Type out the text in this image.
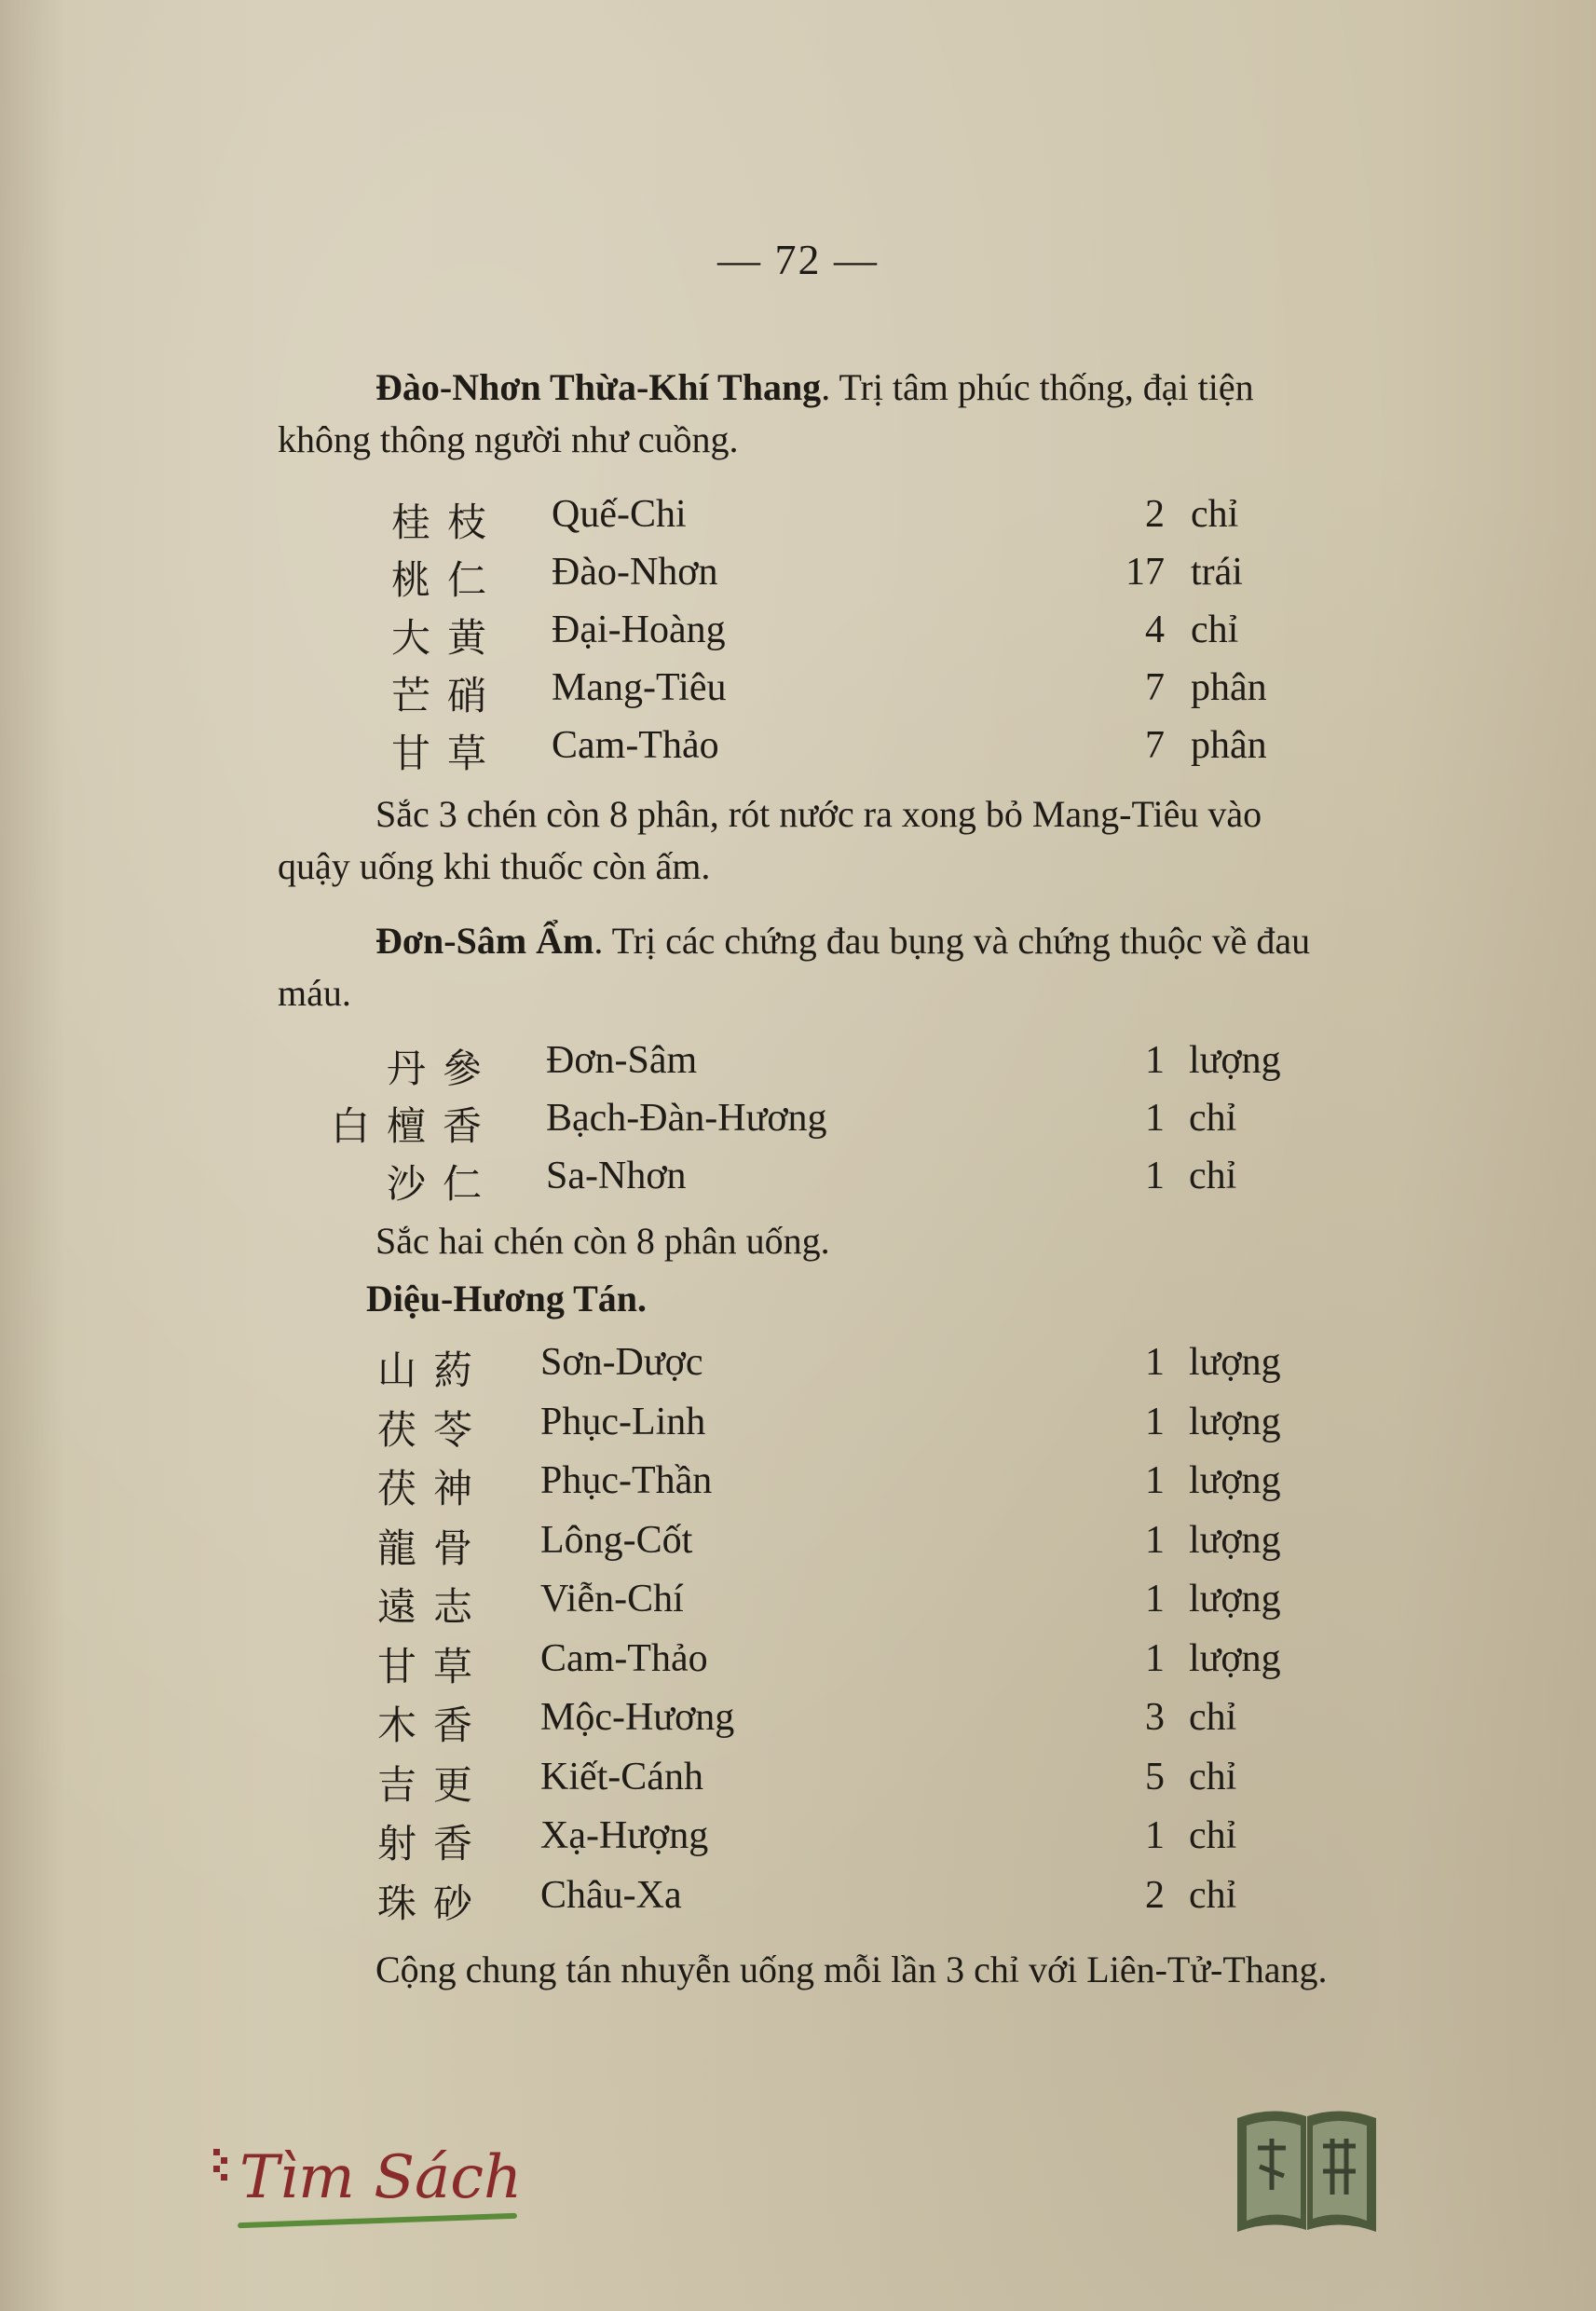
— 72 —
Đào-Nhơn Thừa-Khí Thang. Trị tâm phúc thống, đại tiện không thông người như cuồng.
桂枝 Quế-Chi	2 chỉ
桃仁 Đào-Nhơn	17 trái
大黄 Đại-Hoàng	4 chỉ
芒硝 Mang-Tiêu	7 phân
甘草 Cam-Thảo	7 phân
Sắc 3 chén còn 8 phân, rót nước ra xong bỏ Mang-Tiêu vào quậy uống khi thuốc còn ấm.
Đơn-Sâm Ẩm. Trị các chứng đau bụng và chứng thuộc về đau máu.
丹參 Đơn-Sâm	1 lượng
白檀香 Bạch-Đàn-Hương	1 chỉ
沙仁 Sa-Nhơn	1 chỉ
Sắc hai chén còn 8 phân uống.
Diệu-Hương Tán.
山葯 Sơn-Dược	1 lượng
茯苓 Phục-Linh	1 lượng
茯神 Phục-Thần	1 lượng
龍骨 Lông-Cốt	1 lượng
遠志 Viễn-Chí	1 lượng
甘草 Cam-Thảo	1 lượng
木香 Mộc-Hương	3 chỉ
吉更 Kiết-Cánh	5 chỉ
射香 Xạ-Hượng	1 chỉ
珠砂 Châu-Xa	2 chỉ
Cộng chung tán nhuyễn uống mỗi lần 3 chỉ với Liên-Tử-Thang.
Tìm Sách
